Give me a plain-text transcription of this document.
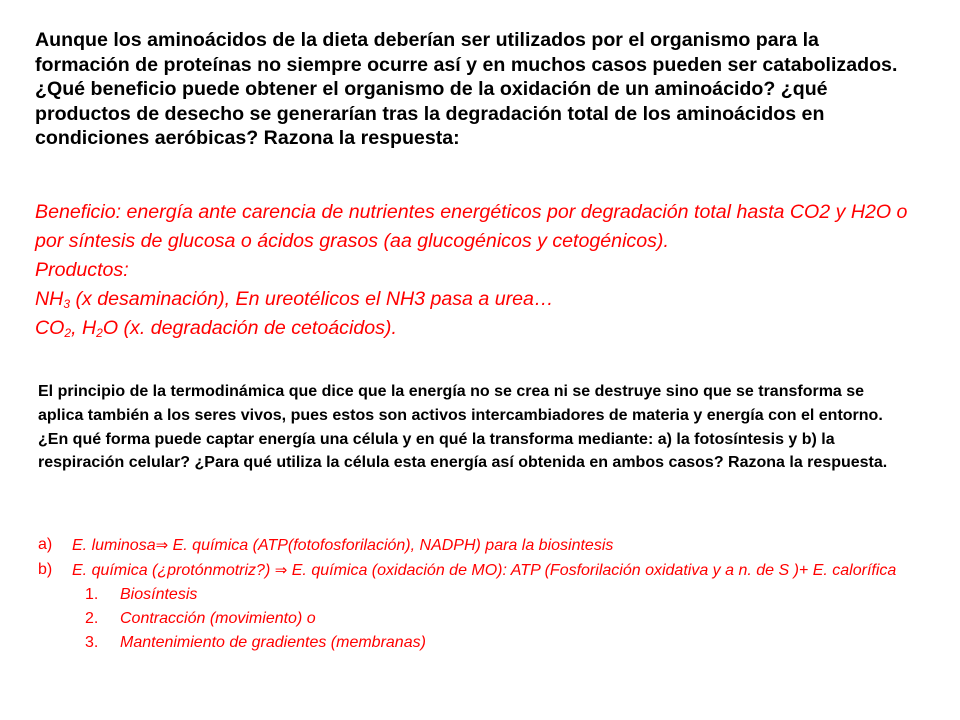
Aunque los aminoácidos de la dieta deberían ser utilizados por el organismo para la formación de proteínas no siempre ocurre así y en muchos casos pueden ser catabolizados. ¿Qué beneficio puede obtener el organismo de la oxidación de un aminoácido? ¿qué productos de desecho se generarían tras la degradación total de los aminoácidos en condiciones aeróbicas? Razona la respuesta:

Beneficio: energía ante carencia de nutrientes energéticos por degradación total hasta CO2 y H2O o por síntesis de glucosa o ácidos grasos (aa glucogénicos y cetogénicos).

Productos:

$NH_3$ (x desaminación), En ureotélicos el NH3 pasa a urea…

$CO_2$, $H_2O$ (x. degradación de cetoácidos).

El principio de la termodinámica que dice que la energía no se crea ni se destruye sino que se transforma se aplica también a los seres vivos, pues estos son activos intercambiadores de materia y energía con el entorno. ¿En qué forma puede captar energía una célula y en qué la transforma mediante: a) la fotosíntesis y b) la respiración celular? ¿Para qué utiliza la célula esta energía así obtenida en ambos casos? Razona la respuesta.

a) E. luminosa⇒ E. química (ATP(fotofosforilación), NADPH) para la biosintesis
b) E. química (¿protónmotriz?) ⇒ E. química (oxidación de MO): ATP (Fosforilación oxidativa y a n. de S )+ E. calorífica
1. Biosíntesis
2. Contracción (movimiento) o
3. Mantenimiento de gradientes (membranas)
